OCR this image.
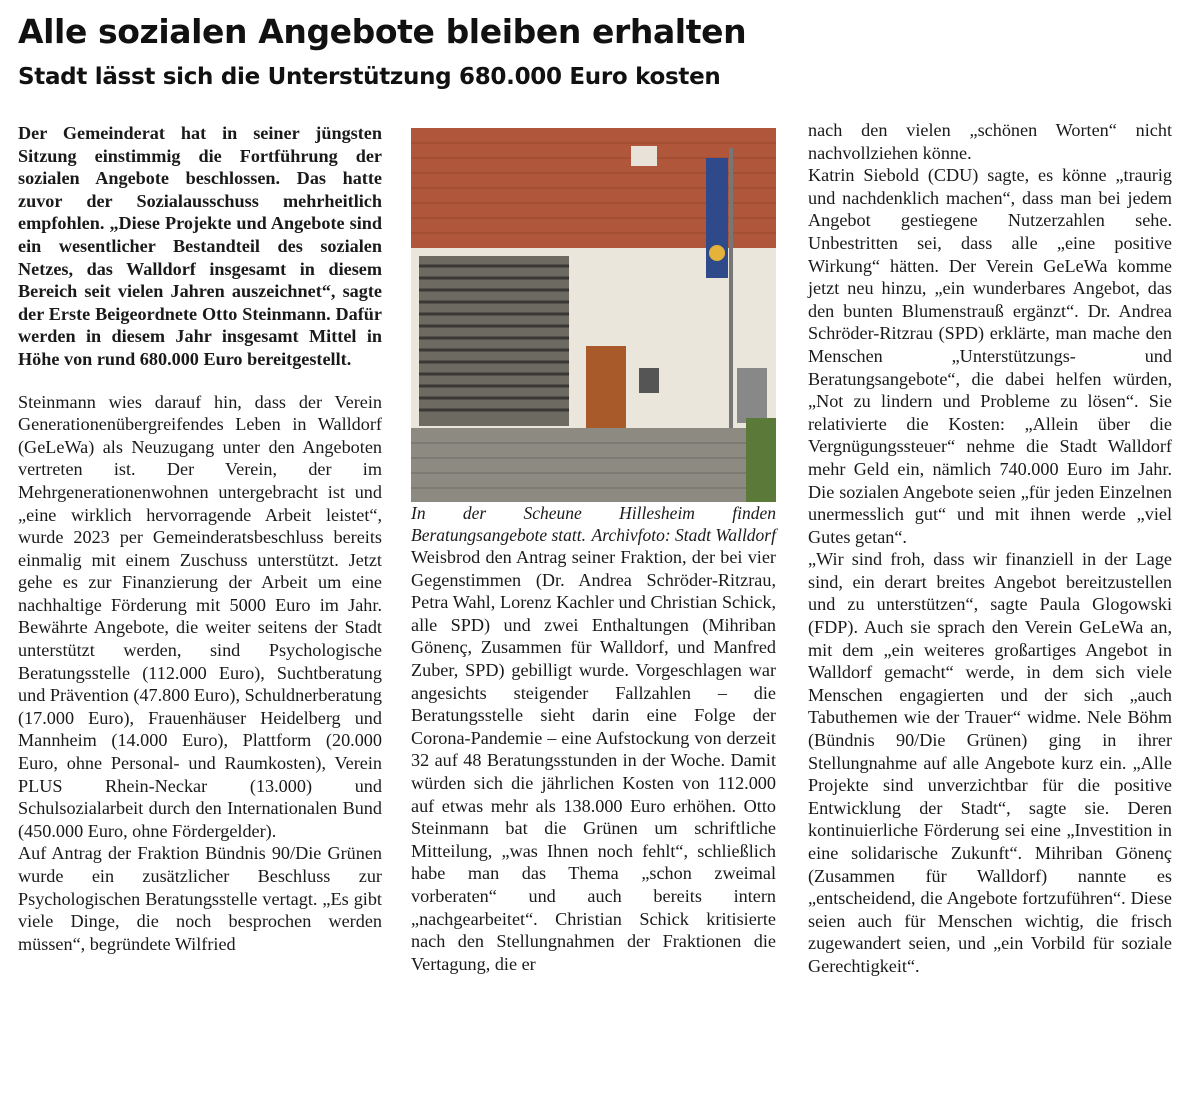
Alle sozialen Angebote bleiben erhalten
Stadt lässt sich die Unterstützung 680.000 Euro kosten

Der Gemeinderat hat in seiner jüngsten Sitzung einstimmig die Fortführung der sozialen Angebote beschlossen. Das hatte zuvor der Sozialausschuss mehrheitlich empfohlen. „Diese Projekte und Angebote sind ein wesentlicher Bestandteil des sozialen Netzes, das Walldorf insgesamt in diesem Bereich seit vielen Jahren auszeichnet“, sagte der Erste Beigeordnete Otto Steinmann. Dafür werden in diesem Jahr insgesamt Mittel in Höhe von rund 680.000 Euro bereitgestellt.

Steinmann wies darauf hin, dass der Verein Generationenübergreifendes Leben in Walldorf (GeLeWa) als Neuzugang unter den Angeboten vertreten ist. Der Verein, der im Mehrgenerationenwohnen untergebracht ist und „eine wirklich hervorragende Arbeit leistet“, wurde 2023 per Gemeinderatsbeschluss bereits einmalig mit einem Zuschuss unterstützt. Jetzt gehe es zur Finanzierung der Arbeit um eine nachhaltige Förderung mit 5000 Euro im Jahr. Bewährte Angebote, die weiter seitens der Stadt unterstützt werden, sind Psychologische Beratungsstelle (112.000 Euro), Suchtberatung und Prävention (47.800 Euro), Schuldnerberatung (17.000 Euro), Frauenhäuser Heidelberg und Mannheim (14.000 Euro), Plattform (20.000 Euro, ohne Personal- und Raumkosten), Verein PLUS Rhein-Neckar (13.000) und Schulsozialarbeit durch den Internationalen Bund (450.000 Euro, ohne Fördergelder).

Auf Antrag der Fraktion Bündnis 90/Die Grünen wurde ein zusätzlicher Beschluss zur Psychologischen Beratungsstelle vertagt. „Es gibt viele Dinge, die noch besprochen werden müssen“, begründete Wilfried

In der Scheune Hillesheim finden Beratungsangebote statt. Archivfoto: Stadt Walldorf

Weisbrod den Antrag seiner Fraktion, der bei vier Gegenstimmen (Dr. Andrea Schröder-Ritzrau, Petra Wahl, Lorenz Kachler und Christian Schick, alle SPD) und zwei Enthaltungen (Mihriban Gönenç, Zusammen für Walldorf, und Manfred Zuber, SPD) gebilligt wurde. Vorgeschlagen war angesichts steigender Fallzahlen – die Beratungsstelle sieht darin eine Folge der Corona-Pandemie – eine Aufstockung von derzeit 32 auf 48 Beratungsstunden in der Woche. Damit würden sich die jährlichen Kosten von 112.000 auf etwas mehr als 138.000 Euro erhöhen. Otto Steinmann bat die Grünen um schriftliche Mitteilung, „was Ihnen noch fehlt“, schließlich habe man das Thema „schon zweimal vorberaten“ und auch bereits intern „nachgearbeitet“. Christian Schick kritisierte nach den Stellungnahmen der Fraktionen die Vertagung, die er

nach den vielen „schönen Worten“ nicht nachvollziehen könne.

Katrin Siebold (CDU) sagte, es könne „traurig und nachdenklich machen“, dass man bei jedem Angebot gestiegene Nutzerzahlen sehe. Unbestritten sei, dass alle „eine positive Wirkung“ hätten. Der Verein GeLeWa komme jetzt neu hinzu, „ein wunderbares Angebot, das den bunten Blumenstrauß ergänzt“. Dr. Andrea Schröder-Ritzrau (SPD) erklärte, man mache den Menschen „Unterstützungs- und Beratungsangebote“, die dabei helfen würden, „Not zu lindern und Probleme zu lösen“. Sie relativierte die Kosten: „Allein über die Vergnügungssteuer“ nehme die Stadt Walldorf mehr Geld ein, nämlich 740.000 Euro im Jahr. Die sozialen Angebote seien „für jeden Einzelnen unermesslich gut“ und mit ihnen werde „viel Gutes getan“.

„Wir sind froh, dass wir finanziell in der Lage sind, ein derart breites Angebot bereitzustellen und zu unterstützen“, sagte Paula Glogowski (FDP). Auch sie sprach den Verein GeLeWa an, mit dem „ein weiteres großartiges Angebot in Walldorf gemacht“ werde, in dem sich viele Menschen engagierten und der sich „auch Tabuthemen wie der Trauer“ widme. Nele Böhm (Bündnis 90/Die Grünen) ging in ihrer Stellungnahme auf alle Angebote kurz ein. „Alle Projekte sind unverzichtbar für die positive Entwicklung der Stadt“, sagte sie. Deren kontinuierliche Förderung sei eine „Investition in eine solidarische Zukunft“. Mihriban Gönenç (Zusammen für Walldorf) nannte es „entscheidend, die Angebote fortzuführen“. Diese seien auch für Menschen wichtig, die frisch zugewandert seien, und „ein Vorbild für soziale Gerechtigkeit“.
